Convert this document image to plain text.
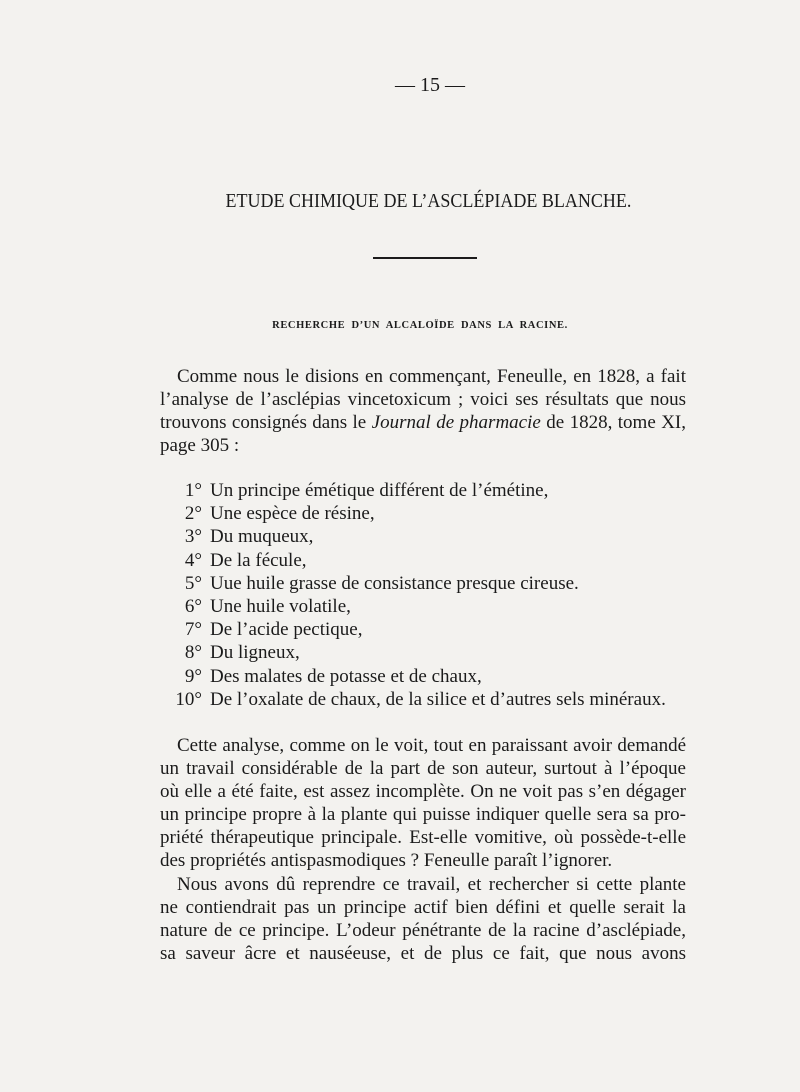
— 15 —
ETUDE CHIMIQUE DE L’ASCLÉPIADE BLANCHE.
RECHERCHE D’UN ALCALOÏDE DANS LA RACINE.
Comme nous le disions en commençant, Feneulle, en 1828, a fait
l’analyse de l’asclépias vincetoxicum ; voici ses résultats que nous
trouvons consignés dans le Journal de pharmacie de 1828, tome XI,
page 305 :
1° Un principe émétique différent de l’émétine,
2° Une espèce de résine,
3° Du muqueux,
4° De la fécule,
5° Uue huile grasse de consistance presque cireuse.
6° Une huile volatile,
7° De l’acide pectique,
8° Du ligneux,
9° Des malates de potasse et de chaux,
10° De l’oxalate de chaux, de la silice et d’autres sels minéraux.
Cette analyse, comme on le voit, tout en paraissant avoir demandé
un travail considérable de la part de son auteur, surtout à l’époque
où elle a été faite, est assez incomplète. On ne voit pas s’en dégager
un principe propre à la plante qui puisse indiquer quelle sera sa pro-
priété thérapeutique principale. Est-elle vomitive, où possède-t-elle
des propriétés antispasmodiques ? Feneulle paraît l’ignorer.
Nous avons dû reprendre ce travail, et rechercher si cette plante
ne contiendrait pas un principe actif bien défini et quelle serait la
nature de ce principe. L’odeur pénétrante de la racine d’asclépiade,
sa saveur âcre et nauséeuse, et de plus ce fait, que nous avons
